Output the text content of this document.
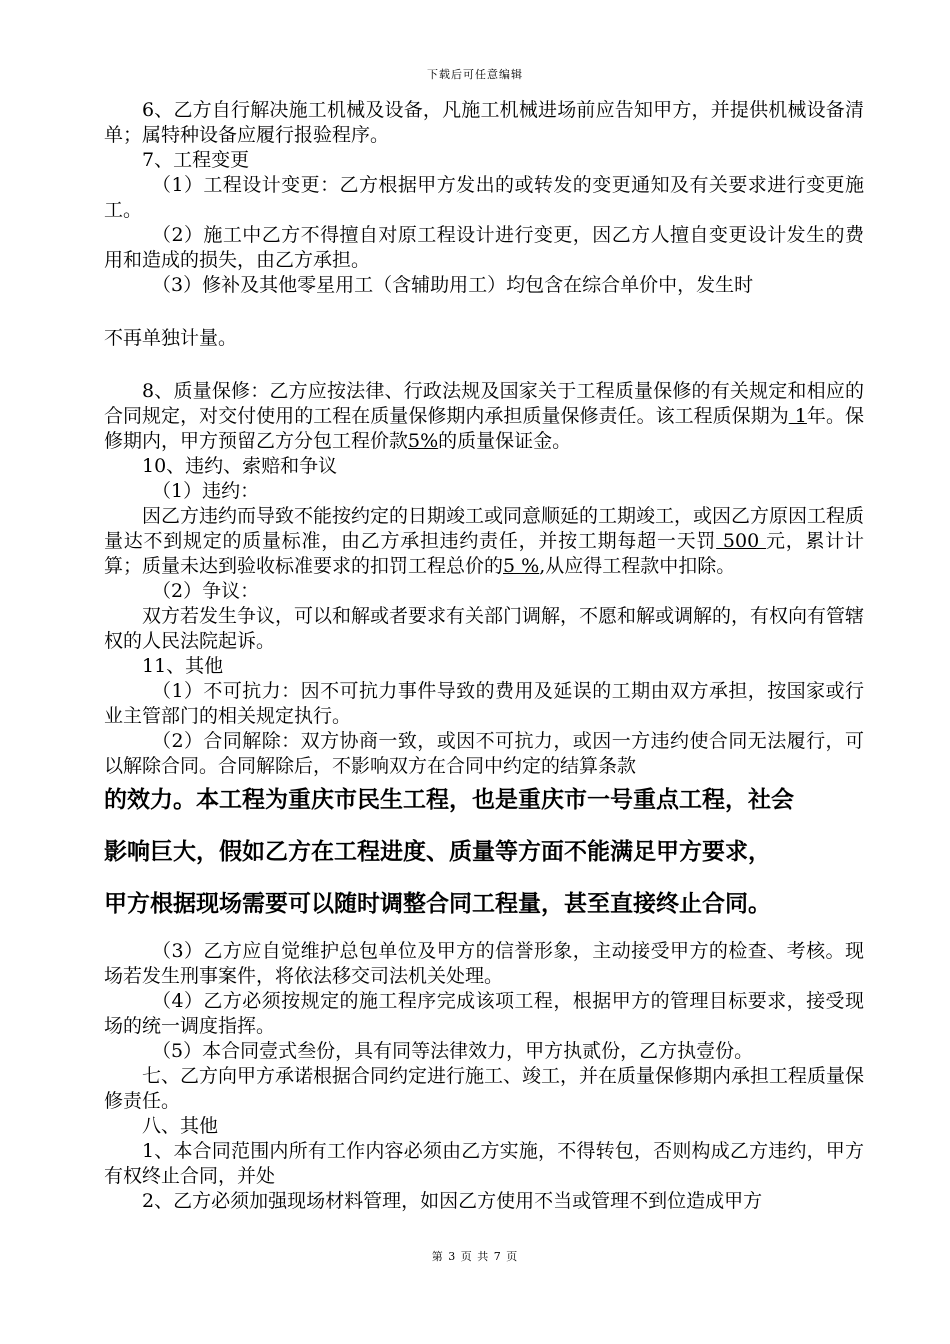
下载后可任意编辑

6、乙方自行解决施工机械及设备，凡施工机械进场前应告知甲方，并提供机械设备清单；属特种设备应履行报验程序。

7、工程变更

（1）工程设计变更：乙方根据甲方发出的或转发的变更通知及有关要求进行变更施工。

（2）施工中乙方不得擅自对原工程设计进行变更，因乙方人擅自变更设计发生的费用和造成的损失，由乙方承担。

（3）修补及其他零星用工（含辅助用工）均包含在综合单价中，发生时

不再单独计量。

8、质量保修：乙方应按法律、行政法规及国家关于工程质量保修的有关规定和相应的合同规定，对交付使用的工程在质量保修期内承担质量保修责任。该工程质保期为 1年。保修期内，甲方预留乙方分包工程价款5%的质量保证金。

10、违约、索赔和争议

（1）违约：

因乙方违约而导致不能按约定的日期竣工或同意顺延的工期竣工，或因乙方原因工程质量达不到规定的质量标准，由乙方承担违约责任，并按工期每超一天罚 500 元，累计计算；质量未达到验收标准要求的扣罚工程总价的5 %,从应得工程款中扣除。

（2）争议：

双方若发生争议，可以和解或者要求有关部门调解，不愿和解或调解的，有权向有管辖权的人民法院起诉。

11、其他

（1）不可抗力：因不可抗力事件导致的费用及延误的工期由双方承担，按国家或行业主管部门的相关规定执行。

（2）合同解除：双方协商一致，或因不可抗力，或因一方违约使合同无法履行，可以解除合同。合同解除后，不影响双方在合同中约定的结算条款

的效力。本工程为重庆市民生工程，也是重庆市一号重点工程，社会
影响巨大，假如乙方在工程进度、质量等方面不能满足甲方要求，
甲方根据现场需要可以随时调整合同工程量，甚至直接终止合同。

（3）乙方应自觉维护总包单位及甲方的信誉形象，主动接受甲方的检查、考核。现场若发生刑事案件，将依法移交司法机关处理。

（4）乙方必须按规定的施工程序完成该项工程，根据甲方的管理目标要求，接受现场的统一调度指挥。

（5）本合同壹式叁份，具有同等法律效力，甲方执贰份，乙方执壹份。

七、乙方向甲方承诺根据合同约定进行施工、竣工，并在质量保修期内承担工程质量保修责任。

八、其他

1、本合同范围内所有工作内容必须由乙方实施，不得转包，否则构成乙方违约，甲方有权终止合同，并处

2、乙方必须加强现场材料管理，如因乙方使用不当或管理不到位造成甲方

第 3 页 共 7 页
